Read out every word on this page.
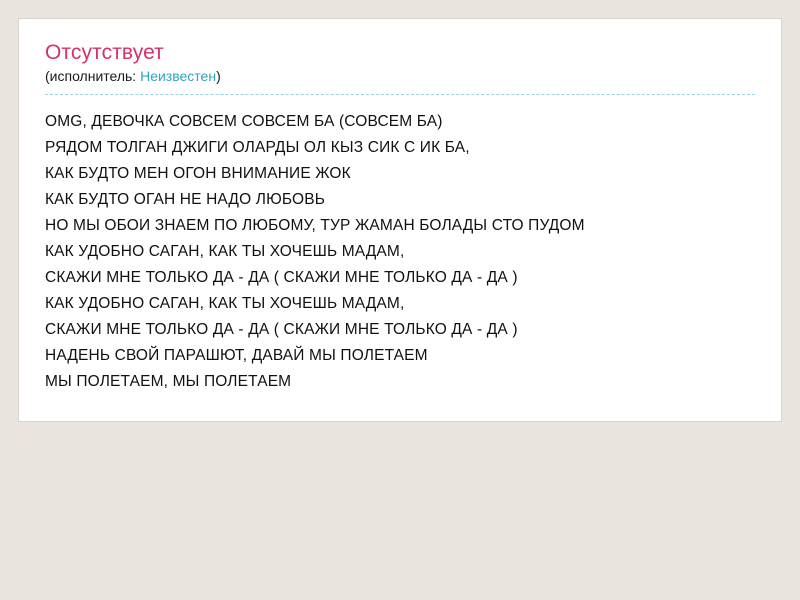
Отсутствует

(исполнитель: Неизвестен)

OMG, ДЕВОЧКА СОВСЕМ СОВСЕМ БА (СОВСЕМ БА)
РЯДОМ ТОЛГАН ДЖИГИ ОЛАРДЫ ОЛ КЫЗ СИК С ИК БА,
КАК БУДТО МЕН ОГОН ВНИМАНИЕ ЖОК
КАК БУДТО ОГАН НЕ НАДО ЛЮБОВЬ
НО МЫ ОБОИ ЗНАЕМ ПО ЛЮБОМУ, ТУР ЖАМАН БОЛАДЫ СТО ПУДОМ
КАК УДОБНО САГАН, КАК ТЫ ХОЧЕШЬ МАДАМ,
СКАЖИ МНЕ ТОЛЬКО ДА - ДА ( СКАЖИ МНЕ ТОЛЬКО ДА - ДА )
КАК УДОБНО САГАН, КАК ТЫ ХОЧЕШЬ МАДАМ,
СКАЖИ МНЕ ТОЛЬКО ДА - ДА ( СКАЖИ МНЕ ТОЛЬКО ДА - ДА )
НАДЕНЬ СВОЙ ПАРАШЮТ, ДАВАЙ МЫ ПОЛЕТАЕМ
МЫ ПОЛЕТАЕМ, МЫ ПОЛЕТАЕМ
